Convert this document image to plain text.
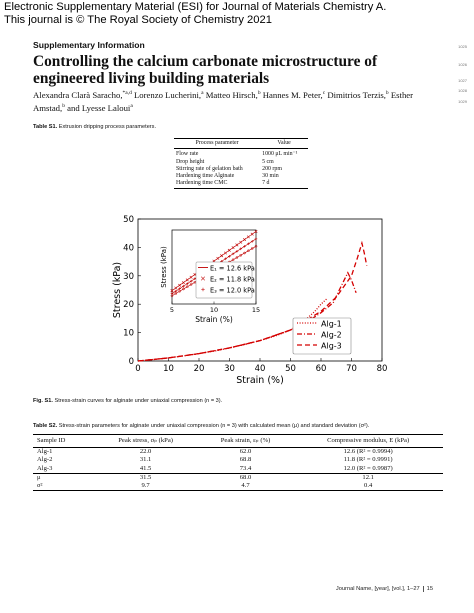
Electronic Supplementary Material (ESI) for Journal of Materials Chemistry A.
This journal is © The Royal Society of Chemistry 2021
Supplementary Information
Controlling the calcium carbonate microstructure of engineered living building materials
Alexandra Clarà Saracho,$^{*a,d}$ Lorenzo Lucherini,$^a$ Matteo Hirsch,$^b$ Hannes M. Peter,$^c$ Dimitrios Terzis,$^b$ Esther Amstad,$^b$ and Lyesse Laloui$^a$
1025
1026
1027
1028
1029
Table S1. Extrusion dripping process parameters.
Process parameter	Value
Flow rate	1000 μL min⁻¹
Drop height	5 cm
Stirring rate of gelation bath	200 rpm
Hardening time Alginate	30 min
Hardening time CMC	7 d
0	10 20 30 40 50 60 70 80
0
10
20
30
40
50
Strain (%)
Stress (kPa)
Alg-1
Alg-2
Alg-3
5	10	15
Strain (%)
Stress (kPa)	E₁ = 12.6 kPa
E₂ = 11.8 kPa
E₃ = 12.0 kPa
Fig. S1. Stress-strain curves for alginate under uniaxial compression (n = 3).
Table S2. Stress-strain parameters for alginate under uniaxial compression (n = 3) with calculated mean (μ) and standard deviation (σ²).
Sample ID	Peak stress, σₚ (kPa)	Peak strain, εₚ (%)	Compressive modulus, E (kPa)
Alg-1	22.0	62.0	12.6 (R² = 0.9994)
Alg-2	31.1	68.8	11.8 (R² = 0.9991)
Alg-3	41.5	73.4	12.0 (R² = 0.9987)
μ	31.5	68.0	12.1
σ²	9.7	4.7	0.4
Journal Name, [year], [vol.], 1–27 15
